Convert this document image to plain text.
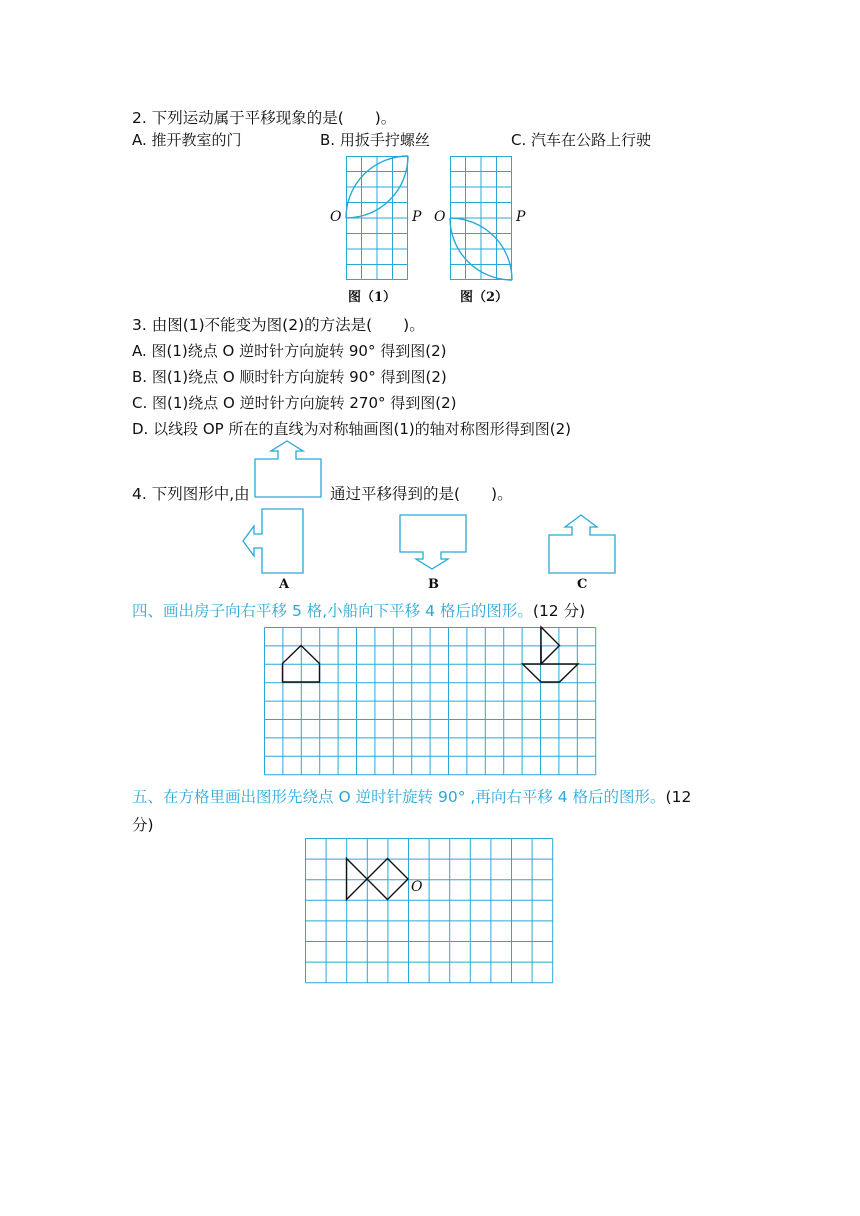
2. 下列运动属于平移现象的是(　　)。
A. 推开教室的门	B. 用扳手拧螺丝	C. 汽车在公路上行驶
O	P
图（1）
O	P
图（2）
3. 由图(1)不能变为图(2)的方法是(　　)。
A. 图(1)绕点 O 逆时针方向旋转 90° 得到图(2)
B. 图(1)绕点 O 顺时针方向旋转 90° 得到图(2)
C. 图(1)绕点 O 逆时针方向旋转 270° 得到图(2)
D. 以线段 OP 所在的直线为对称轴画图(1)的轴对称图形得到图(2)
4. 下列图形中,由	通过平移得到的是(　　)。
A	B	C
四、画出房子向右平移 5 格,小船向下平移 4 格后的图形。(12 分)
五、在方格里画出图形先绕点 O 逆时针旋转 90° ,再向右平移 4 格后的图形。(12
分)
O
